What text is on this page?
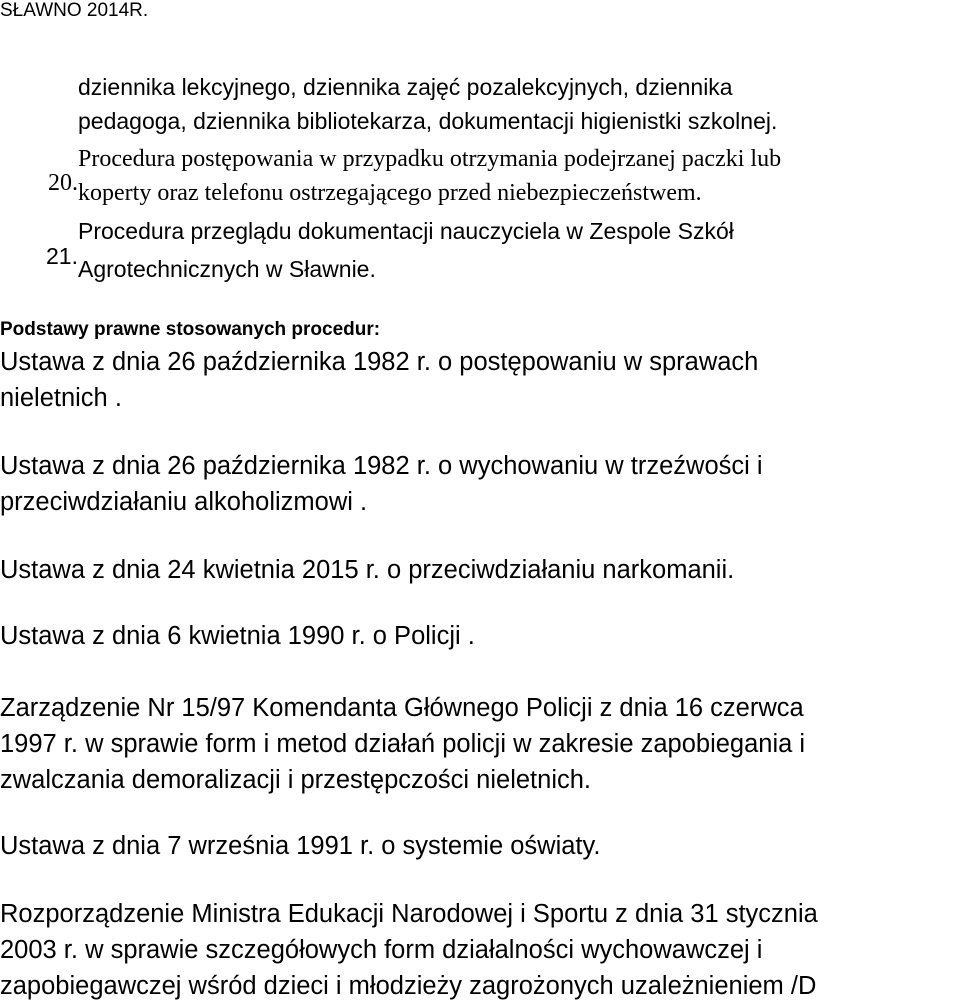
SŁAWNO 2014R.
dziennika lekcyjnego, dziennika zajęć pozalekcyjnych, dziennika
pedagoga, dziennika bibliotekarza, dokumentacji higienistki szkolnej.
20.
Procedura postępowania w przypadku otrzymania podejrzanej paczki lub
koperty oraz telefonu ostrzegającego przed niebezpieczeństwem.
21.
Procedura przeglądu dokumentacji nauczyciela w Zespole Szkół
Agrotechnicznych w Sławnie.
Podstawy prawne stosowanych procedur:
Ustawa z dnia 26 października 1982 r. o postępowaniu w sprawach
nieletnich .
Ustawa z dnia 26 października 1982 r. o wychowaniu w trzeźwości i
przeciwdziałaniu alkoholizmowi .
Ustawa z dnia 24 kwietnia 2015 r. o przeciwdziałaniu narkomanii.
Ustawa z dnia 6 kwietnia 1990 r. o Policji .
Zarządzenie Nr 15/97 Komendanta Głównego Policji z dnia 16 czerwca
1997 r. w sprawie form i metod działań policji w zakresie zapobiegania i
zwalczania demoralizacji i przestępczości nieletnich.
Ustawa z dnia 7 września 1991 r. o systemie oświaty.
Rozporządzenie Ministra Edukacji Narodowej i Sportu z dnia 31 stycznia
2003 r. w sprawie szczegółowych form działalności wychowawczej i
zapobiegawczej wśród dzieci i młodzieży zagrożonych uzależnieniem /D
